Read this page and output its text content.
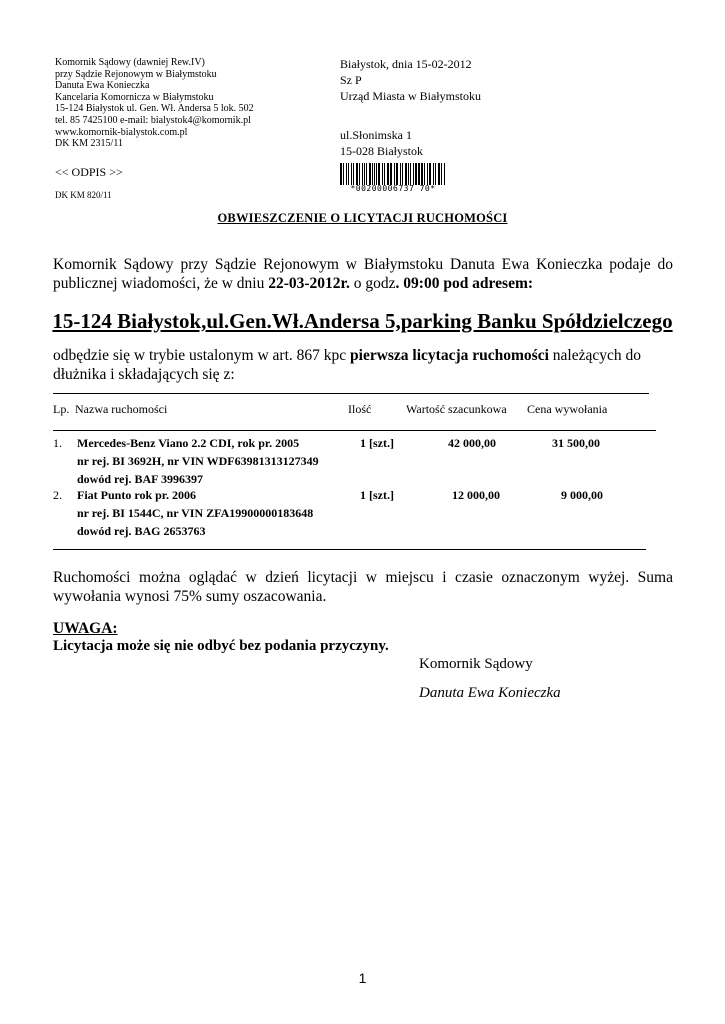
Komornik Sądowy (dawniej Rew.IV)
przy Sądzie Rejonowym w Białymstoku
Danuta Ewa Konieczka
Kancelaria Komornicza w Białymstoku
15-124 Białystok ul. Gen. Wł. Andersa 5 lok. 502
tel. 85 7425100 e-mail: bialystok4@komornik.pl
www.komornik-bialystok.com.pl
DK KM 2315/11
<< ODPIS >>
DK KM 820/11
Białystok, dnia 15-02-2012
Sz P
Urząd Miasta w Białymstoku
ul.Słonimska 1
15-028 Białystok
*00200006737 70*
OBWIESZCZENIE O LICYTACJI RUCHOMOŚCI
Komornik Sądowy przy Sądzie Rejonowym w Białymstoku Danuta Ewa Konieczka podaje do publicznej wiadomości, że w dniu 22-03-2012r. o godz. 09:00 pod adresem:
15-124 Białystok,ul.Gen.Wł.Andersa 5,parking Banku Spółdzielczego
odbędzie się w trybie ustalonym w art. 867 kpc pierwsza licytacja ruchomości należących do dłużnika i składających się z:
Lp. Nazwa ruchomości	Ilość	Wartość szacunkowa Cena wywołania
1. Mercedes-Benz Viano 2.2 CDI, rok pr. 2005
nr rej. BI 3692H, nr VIN WDF63981313127349
dowód rej. BAF 3996397
1 [szt.]	42 000,00	31 500,00
2. Fiat Punto rok pr. 2006
nr rej. BI 1544C, nr VIN ZFA19900000183648
dowód rej. BAG 2653763
1 [szt.]	12 000,00	9 000,00
Ruchomości można oglądać w dzień licytacji w miejscu i czasie oznaczonym wyżej. Suma wywołania wynosi 75% sumy oszacowania.
UWAGA:
Licytacja może się nie odbyć bez podania przyczyny.
Komornik Sądowy
Danuta Ewa Konieczka
1
